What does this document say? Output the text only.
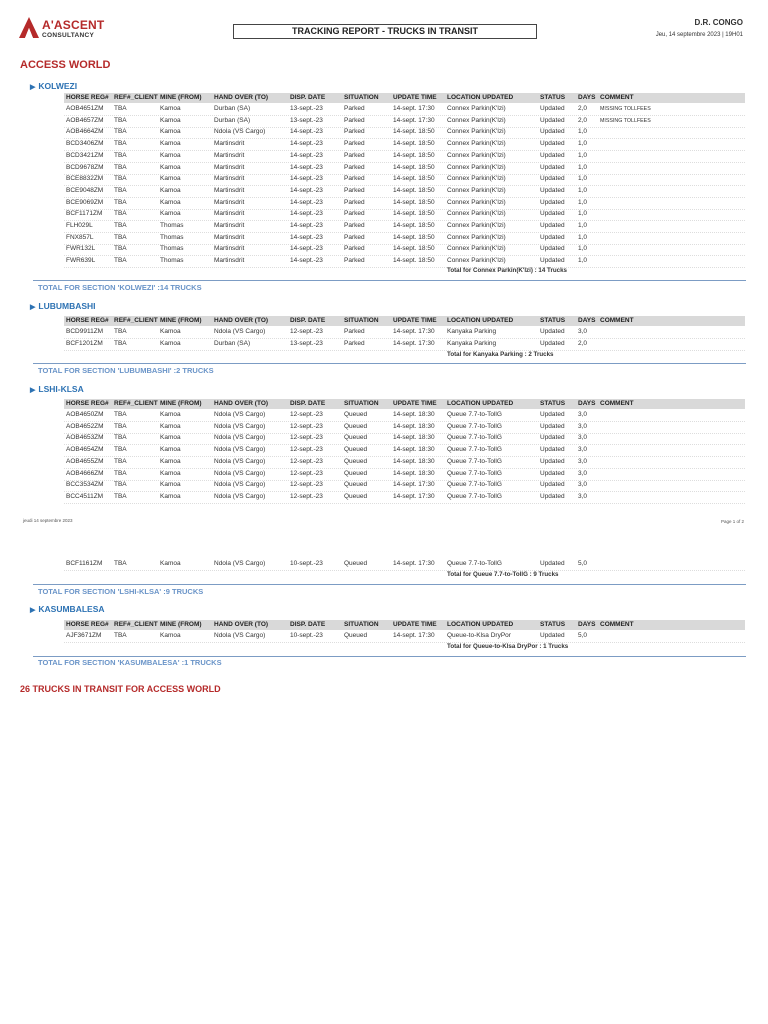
A'ASCENT
CONSULTANCY	TRACKING REPORT - TRUCKS IN TRANSIT
D.R. CONGO
Jeu, 14 septembre 2023 | 19H01
ACCESS WORLD
▶ KOLWEZI
HORSE REG# REF#_CLIENT MINE (FROM) HAND OVER (TO)	DISP. DATE	SITUATION UPDATE TIME LOCATION UPDATED	STATUS DAYS COMMENT
AOB4651ZM TBA	Kamoa	Durban (SA)	13-sept.-23	Parked	14-sept. 17:30 Connex Parkin(K'lzi)	Updated 2,0 MISSING TOLLFEES
AOB4657ZM TBA	Kamoa	Durban (SA)	13-sept.-23	Parked	14-sept. 17:30 Connex Parkin(K'lzi)	Updated 2,0 MISSING TOLLFEES
AOB4664ZM TBA	Kamoa	Ndola (VS Cargo)	14-sept.-23	Parked	14-sept. 18:50 Connex Parkin(K'lzi)	Updated 1,0
BCD3406ZM TBA	Kamoa	Martinsdrit	14-sept.-23	Parked	14-sept. 18:50 Connex Parkin(K'lzi)	Updated 1,0
BCD3421ZM TBA	Kamoa	Martinsdrit	14-sept.-23	Parked	14-sept. 18:50 Connex Parkin(K'lzi)	Updated 1,0
BCD9678ZM TBA	Kamoa	Martinsdrit	14-sept.-23	Parked	14-sept. 18:50 Connex Parkin(K'lzi)	Updated 1,0
BCE8832ZM TBA	Kamoa	Martinsdrit	14-sept.-23	Parked	14-sept. 18:50 Connex Parkin(K'lzi)	Updated 1,0
BCE9048ZM TBA	Kamoa	Martinsdrit	14-sept.-23	Parked	14-sept. 18:50 Connex Parkin(K'lzi)	Updated 1,0
BCE9069ZM TBA	Kamoa	Martinsdrit	14-sept.-23	Parked	14-sept. 18:50 Connex Parkin(K'lzi)	Updated 1,0
BCF1171ZM TBA	Kamoa	Martinsdrit	14-sept.-23	Parked	14-sept. 18:50 Connex Parkin(K'lzi)	Updated 1,0
FLH029L	TBA	Thomas	Martinsdrit	14-sept.-23	Parked	14-sept. 18:50 Connex Parkin(K'lzi)	Updated 1,0
FNX857L	TBA	Thomas	Martinsdrit	14-sept.-23	Parked	14-sept. 18:50 Connex Parkin(K'lzi)	Updated 1,0
FWR132L	TBA	Thomas	Martinsdrit	14-sept.-23	Parked	14-sept. 18:50 Connex Parkin(K'lzi)	Updated 1,0
FWR639L	TBA	Thomas	Martinsdrit	14-sept.-23	Parked	14-sept. 18:50 Connex Parkin(K'lzi)	Updated 1,0
Total for Connex Parkin(K'lzi) : 14 Trucks
TOTAL FOR SECTION 'KOLWEZI' :14 TRUCKS
▶ LUBUMBASHI
HORSE REG# REF#_CLIENT MINE (FROM) HAND OVER (TO)	DISP. DATE	SITUATION UPDATE TIME LOCATION UPDATED	STATUS DAYS COMMENT
BCD9911ZM TBA	Kamoa	Ndola (VS Cargo)	12-sept.-23	Parked	14-sept. 17:30 Kanyaka Parking	Updated 3,0
BCF1201ZM TBA	Kamoa	Durban (SA)	13-sept.-23	Parked	14-sept. 17:30 Kanyaka Parking	Updated 2,0
Total for Kanyaka Parking : 2 Trucks
TOTAL FOR SECTION 'LUBUMBASHI' :2 TRUCKS
▶ LSHI-KLSA
HORSE REG# REF#_CLIENT MINE (FROM) HAND OVER (TO)	DISP. DATE	SITUATION UPDATE TIME LOCATION UPDATED	STATUS DAYS COMMENT
AOB4650ZM TBA	Kamoa	Ndola (VS Cargo)	12-sept.-23	Queued	14-sept. 18:30 Queue 7.7-to-TollG	Updated 3,0
AOB4652ZM TBA	Kamoa	Ndola (VS Cargo)	12-sept.-23	Queued	14-sept. 18:30 Queue 7.7-to-TollG	Updated 3,0
AOB4653ZM TBA	Kamoa	Ndola (VS Cargo)	12-sept.-23	Queued	14-sept. 18:30 Queue 7.7-to-TollG	Updated 3,0
AOB4654ZM TBA	Kamoa	Ndola (VS Cargo)	12-sept.-23	Queued	14-sept. 18:30 Queue 7.7-to-TollG	Updated 3,0
AOB4655ZM TBA	Kamoa	Ndola (VS Cargo)	12-sept.-23	Queued	14-sept. 18:30 Queue 7.7-to-TollG	Updated 3,0
AOB4666ZM TBA	Kamoa	Ndola (VS Cargo)	12-sept.-23	Queued	14-sept. 18:30 Queue 7.7-to-TollG	Updated 3,0
BCC3534ZM TBA	Kamoa	Ndola (VS Cargo)	12-sept.-23	Queued	14-sept. 17:30 Queue 7.7-to-TollG	Updated 3,0
BCC4511ZM TBA	Kamoa	Ndola (VS Cargo)	12-sept.-23	Queued	14-sept. 17:30 Queue 7.7-to-TollG	Updated 3,0
BCF1161ZM TBA	Kamoa	Ndola (VS Cargo)	10-sept.-23	Queued	14-sept. 17:30 Queue 7.7-to-TollG	Updated 5,0
Total for Queue 7.7-to-TollG : 9 Trucks
TOTAL FOR SECTION 'LSHI-KLSA' :9 TRUCKS
▶ KASUMBALESA
HORSE REG# REF#_CLIENT MINE (FROM) HAND OVER (TO)	DISP. DATE	SITUATION UPDATE TIME LOCATION UPDATED	STATUS DAYS COMMENT
AJF3671ZM TBA	Kamoa	Ndola (VS Cargo)	10-sept.-23	Queued	14-sept. 17:30 Queue-to-Klsa DryPor	Updated 5,0
Total for Queue-to-Klsa DryPor : 1 Trucks
TOTAL FOR SECTION 'KASUMBALESA' :1 TRUCKS
jeudi 14 septembre 2023	Page 1 of 2
26 TRUCKS IN TRANSIT FOR ACCESS WORLD
